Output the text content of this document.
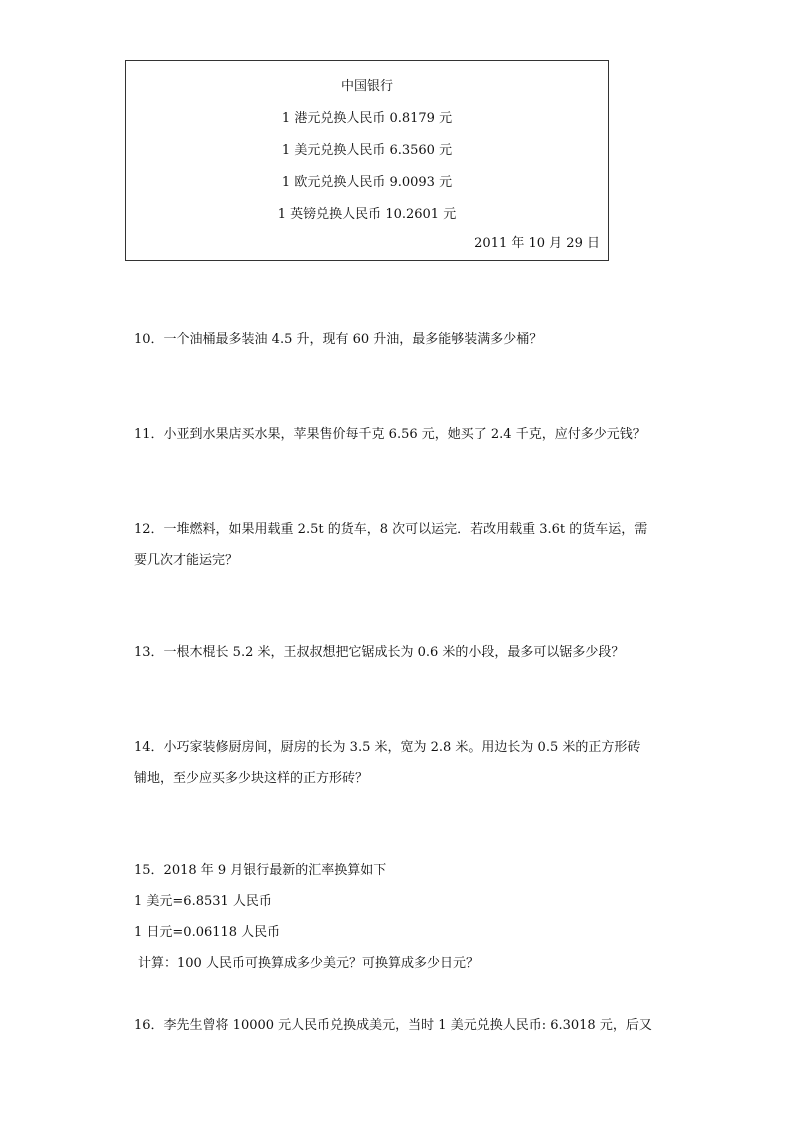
中国银行
1 港元兑换人民币 0.8179 元
1 美元兑换人民币 6.3560 元
1 欧元兑换人民币 9.0093 元
1 英镑兑换人民币 10.2601 元
2011 年 10 月 29 日

10．一个油桶最多装油 4.5 升，现有 60 升油，最多能够装满多少桶？

11．小亚到水果店买水果，苹果售价每千克 6.56 元，她买了 2.4 千克，应付多少元钱？

12．一堆燃料，如果用载重 2.5t 的货车，8 次可以运完．若改用载重 3.6t 的货车运，需

要几次才能运完？

13．一根木棍长 5.2 米，王叔叔想把它锯成长为 0.6 米的小段，最多可以锯多少段？

14．小巧家装修厨房间，厨房的长为 3.5 米，宽为 2.8 米。用边长为 0.5 米的正方形砖

铺地，至少应买多少块这样的正方形砖？

15．2018 年 9 月银行最新的汇率换算如下

1 美元=6.8531 人民币

1 日元=0.06118 人民币

计算：100 人民币可换算成多少美元？可换算成多少日元？

16．李先生曾将 10000 元人民币兑换成美元，当时 1 美元兑换人民币: 6.3018 元，后又
